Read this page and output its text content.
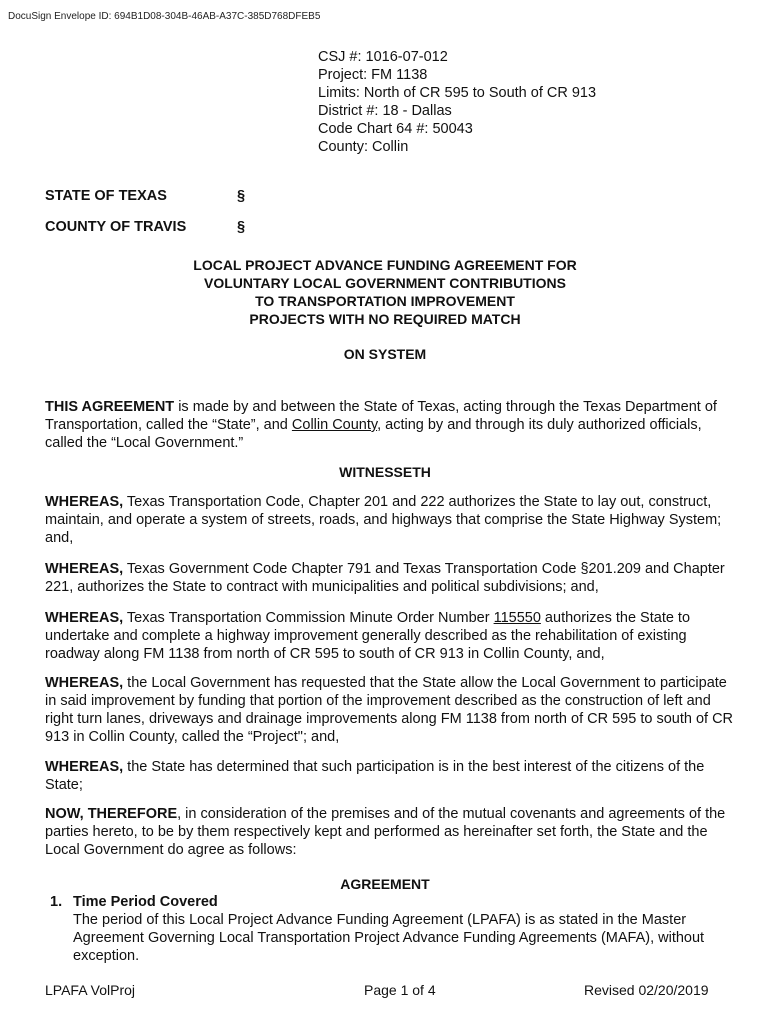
DocuSign Envelope ID: 694B1D08-304B-46AB-A37C-385D768DFEB5
CSJ #: 1016-07-012
Project: FM 1138
Limits: North of CR 595 to South of CR 913
District #: 18 - Dallas
Code Chart 64 #: 50043
County: Collin
STATE OF TEXAS	§
COUNTY OF TRAVIS	§
LOCAL PROJECT ADVANCE FUNDING AGREEMENT FOR
VOLUNTARY LOCAL GOVERNMENT CONTRIBUTIONS
TO TRANSPORTATION IMPROVEMENT
PROJECTS WITH NO REQUIRED MATCH
ON SYSTEM
THIS AGREEMENT is made by and between the State of Texas, acting through the Texas Department of Transportation, called the “State”, and Collin County, acting by and through its duly authorized officials, called the “Local Government.”
WITNESSETH
WHEREAS, Texas Transportation Code, Chapter 201 and 222 authorizes the State to lay out, construct, maintain, and operate a system of streets, roads, and highways that comprise the State Highway System; and,
WHEREAS, Texas Government Code Chapter 791 and Texas Transportation Code §201.209 and Chapter 221, authorizes the State to contract with municipalities and political subdivisions; and,
WHEREAS, Texas Transportation Commission Minute Order Number 115550 authorizes the State to undertake and complete a highway improvement generally described as the rehabilitation of existing roadway along FM 1138 from north of CR 595 to south of CR 913 in Collin County, and,
WHEREAS, the Local Government has requested that the State allow the Local Government to participate in said improvement by funding that portion of the improvement described as the construction of left and right turn lanes, driveways and drainage improvements along FM 1138 from north of CR 595 to south of CR 913 in Collin County, called the “Project"; and,
WHEREAS, the State has determined that such participation is in the best interest of the citizens of the State;
NOW, THEREFORE, in consideration of the premises and of the mutual covenants and agreements of the parties hereto, to be by them respectively kept and performed as hereinafter set forth, the State and the Local Government do agree as follows:
AGREEMENT
1. Time Period Covered
The period of this Local Project Advance Funding Agreement (LPAFA) is as stated in the Master Agreement Governing Local Transportation Project Advance Funding Agreements (MAFA), without exception.
LPAFA VolProj	Page 1 of 4	Revised 02/20/2019
